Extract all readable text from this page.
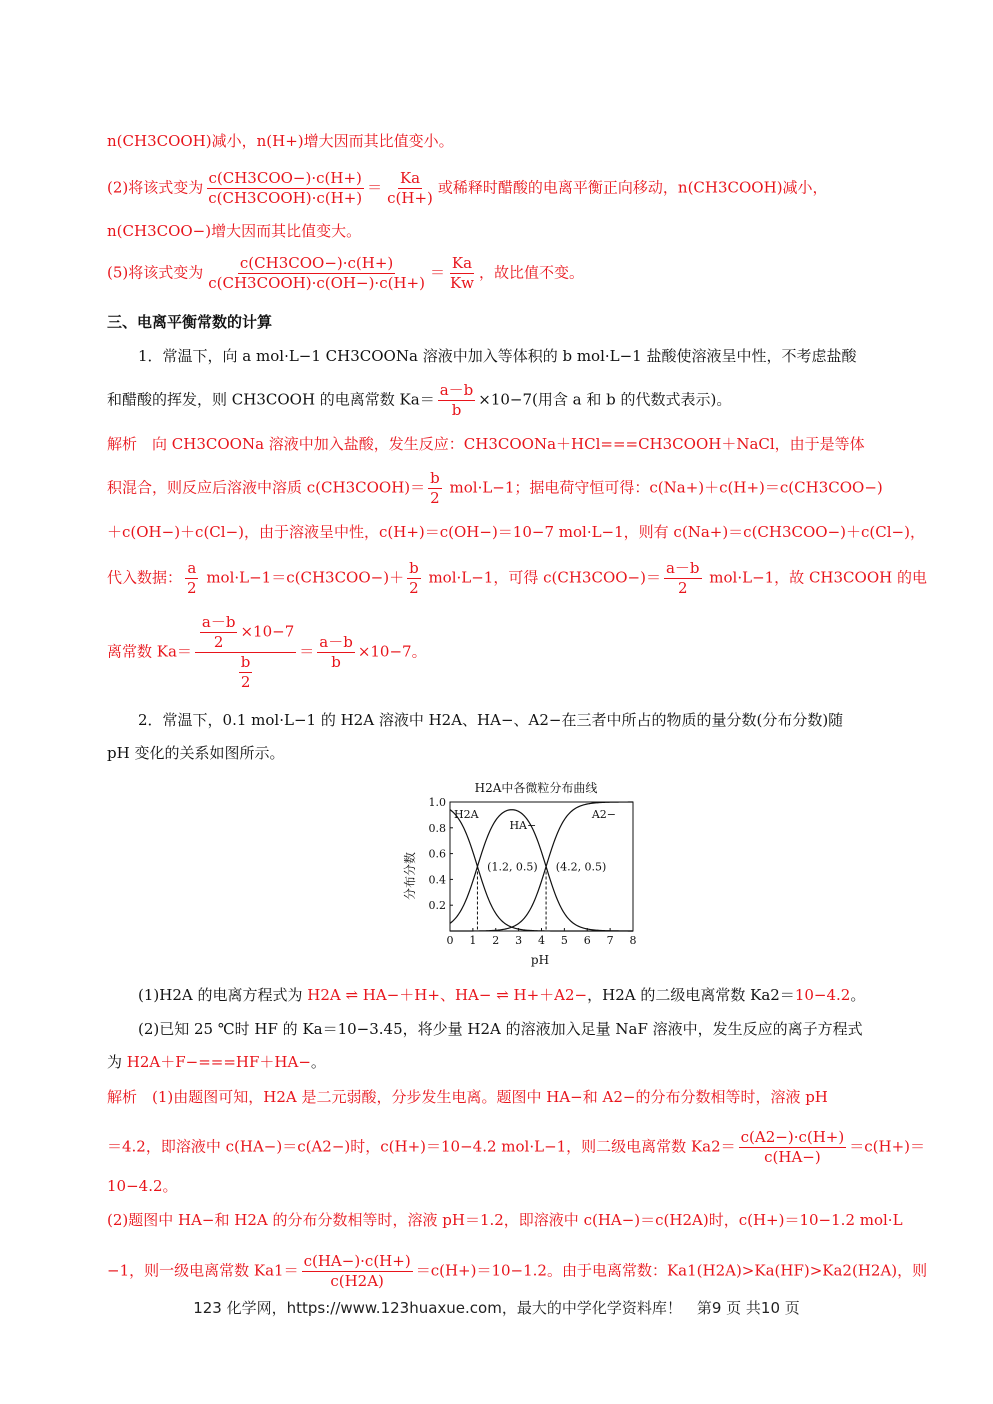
n(CH3COOH)减小，n(H+)增大因而其比值变小。
(2)将该式变为 $\frac{\text{c(CH3COO−)·c(H+)}}{\text{c(CH3COOH)·c(H+)}} = \frac{Ka}{c(H+)}$ 或稀释时醋酸的电离平衡正向移动，n(CH3COOH)减小，
n(CH3COO−)增大因而其比值变大。
(5)将该式变为 $\frac{\text{c(CH3COO−)·c(H+)}}{\text{c(CH3COOH)·c(OH−)·c(H+)}} = \frac{Ka}{Kw}$ ，故比值不变。
三、电离平衡常数的计算
1．常温下，向 a mol·L−1 CH3COONa 溶液中加入等体积的 b mol·L−1 盐酸使溶液呈中性，不考虑盐酸
和醋酸的挥发，则 CH3COOH 的电离常数 $Ka= \frac{a-b}{b} \times 10-7$(用含 a 和 b 的代数式表示)。
解析　向 CH3COONa 溶液中加入盐酸，发生反应：CH3COONa＋HCl===CH3COOH＋NaCl，由于是等体
积混合，则反应后溶液中溶质 c(CH3COOH)＝ $\frac{b}{2} mol\cdot L-1$；据电荷守恒可得：c(Na+)＋c(H+)＝c(CH3COO−)
＋c(OH−)＋c(Cl−)，由于溶液呈中性，c(H+)＝c(OH−)＝10−7 mol·L−1，则有 c(Na+)＝c(CH3COO−)＋c(Cl−)，
代入数据： $\frac{a}{2} mol\cdot L-1=c(CH3COO-)+ \frac{b}{2} mol\cdot L-1$，可得 $c(CH3COO-)= \frac{a-b}{2} mol\cdot L-1$，故 CH3COOH 的电
离常数 $Ka= \frac{\frac{a-b}{2} \times 10-7}{\frac{b}{2}} = \frac{a-b}{b} \times 10-7$。
2．常温下，0.1 mol·L−1 的 H2A 溶液中 H2A、HA−、A2−在三者中所占的物质的量分数(分布分数)随
pH 变化的关系如图所示。
H2A中各微粒分布曲线
分布分数
pH
0 1 2 3 4 5 6 7 8
0.2
0.4
0.6
0.8
1.0
H2A
HA−
A2−
(1.2, 0.5) (4.2, 0.5)
(1)H2A 的电离方程式为 H2A ⇌ HA−＋H+、HA− ⇌ H+＋A2−，H2A 的二级电离常数 Ka2＝10−4.2。
(2)已知 25 ℃时 HF 的 Ka＝10−3.45，将少量 H2A 的溶液加入足量 NaF 溶液中，发生反应的离子方程式
为 H2A＋F−===HF＋HA−。
解析　(1)由题图可知，H2A 是二元弱酸，分步发生电离。题图中 HA−和 A2−的分布分数相等时，溶液 pH
＝4.2，即溶液中 c(HA−)＝c(A2−)时，c(H+)＝10−4.2 mol·L−1，则二级电离常数 $Ka2= \frac{c(A2-)\cdot c(H+)}{c(HA-)} =c(H+)=$
10−4.2。
(2)题图中 HA−和 H2A 的分布分数相等时，溶液 pH＝1.2，即溶液中 c(HA−)＝c(H2A)时，c(H+)＝10−1.2 mol·L
−1，则一级电离常数 $Ka1= \frac{c(HA-)\cdot c(H+)}{c(H2A)} =c(H+)=10-1.2$。由于电离常数：Ka1(H2A)>Ka(HF)>Ka2(H2A)，则
123 化学网，https://www.123huaxue.com，最大的中学化学资料库！　第9 页 共10 页
